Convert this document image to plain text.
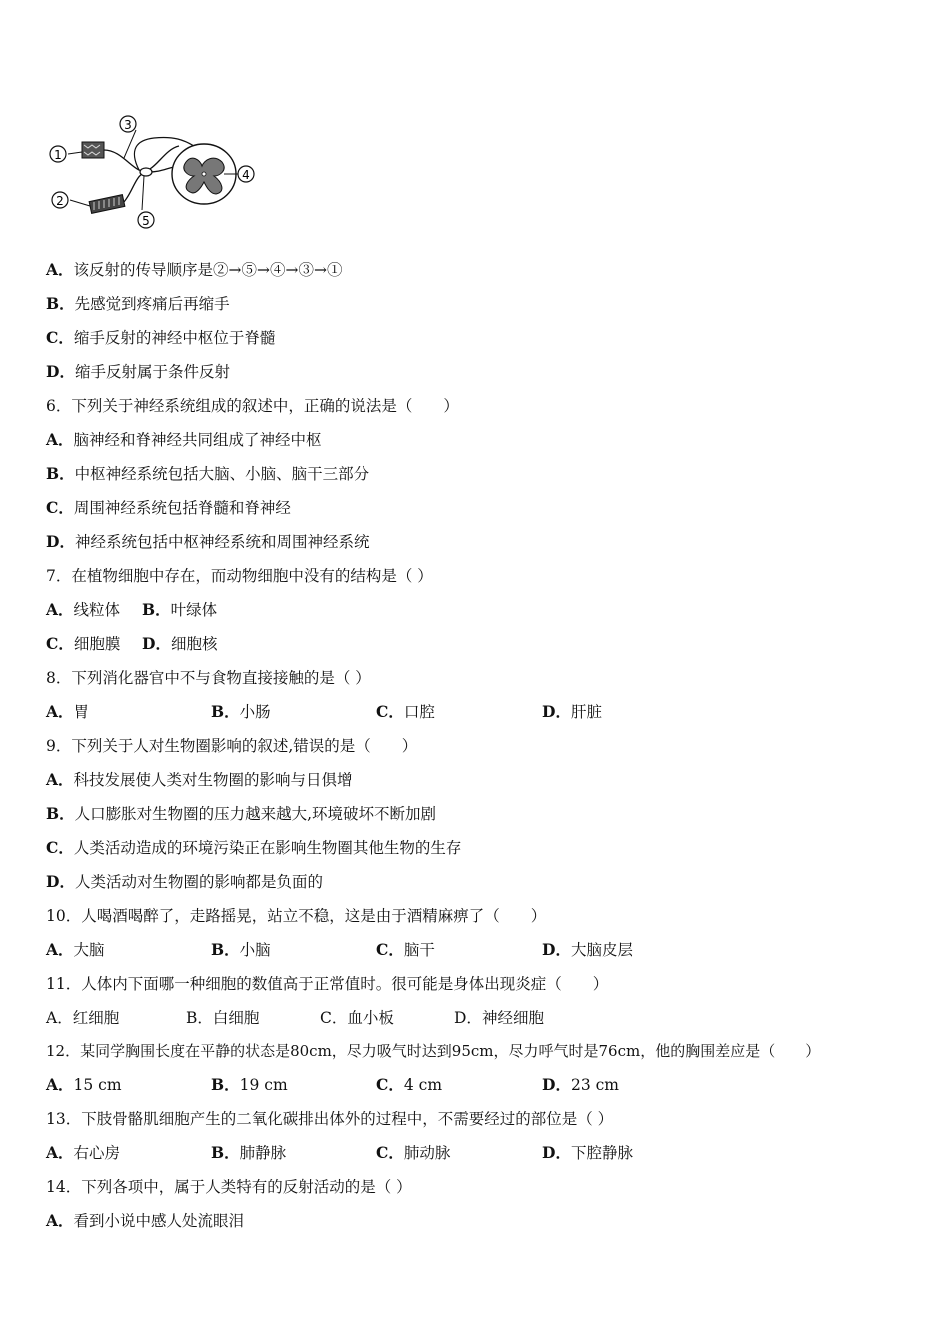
1
2
3
4
5
A．该反射的传导顺序是②→⑤→④→③→①
B．先感觉到疼痛后再缩手
C．缩手反射的神经中枢位于脊髓
D．缩手反射属于条件反射
6．下列关于神经系统组成的叙述中，正确的说法是（　　）
A．脑神经和脊神经共同组成了神经中枢
B．中枢神经系统包括大脑、小脑、脑干三部分
C．周围神经系统包括脊髓和脊神经
D．神经系统包括中枢神经系统和周围神经系统
7．在植物细胞中存在，而动物细胞中没有的结构是（ ）
A．线粒体 B．叶绿体
C．细胞膜 D．细胞核
8．下列消化器官中不与食物直接接触的是（ ）
A．胃	B．小肠	C．口腔	D．肝脏
9．下列关于人对生物圈影响的叙述,错误的是（　　）
A．科技发展使人类对生物圈的影响与日俱增
B．人口膨胀对生物圈的压力越来越大,环境破坏不断加剧
C．人类活动造成的环境污染正在影响生物圈其他生物的生存
D．人类活动对生物圈的影响都是负面的
10．人喝酒喝醉了，走路摇晃，站立不稳，这是由于酒精麻痹了（　　）
A．大脑	B．小脑	C．脑干	D．大脑皮层
11．人体内下面哪一种细胞的数值高于正常值时。很可能是身体出现炎症（　　）
A．红细胞	B．白细胞	C．血小板	D．神经细胞
12．某同学胸围长度在平静的状态是80cm，尽力吸气时达到95cm，尽力呼气时是76cm，他的胸围差应是（　　）
A．15 cm	B．19 cm	C．4 cm	D．23 cm
13．下肢骨骼肌细胞产生的二氧化碳排出体外的过程中，不需要经过的部位是（ ）
A．右心房	B．肺静脉	C．肺动脉	D．下腔静脉
14．下列各项中，属于人类特有的反射活动的是（ ）
A．看到小说中感人处流眼泪
